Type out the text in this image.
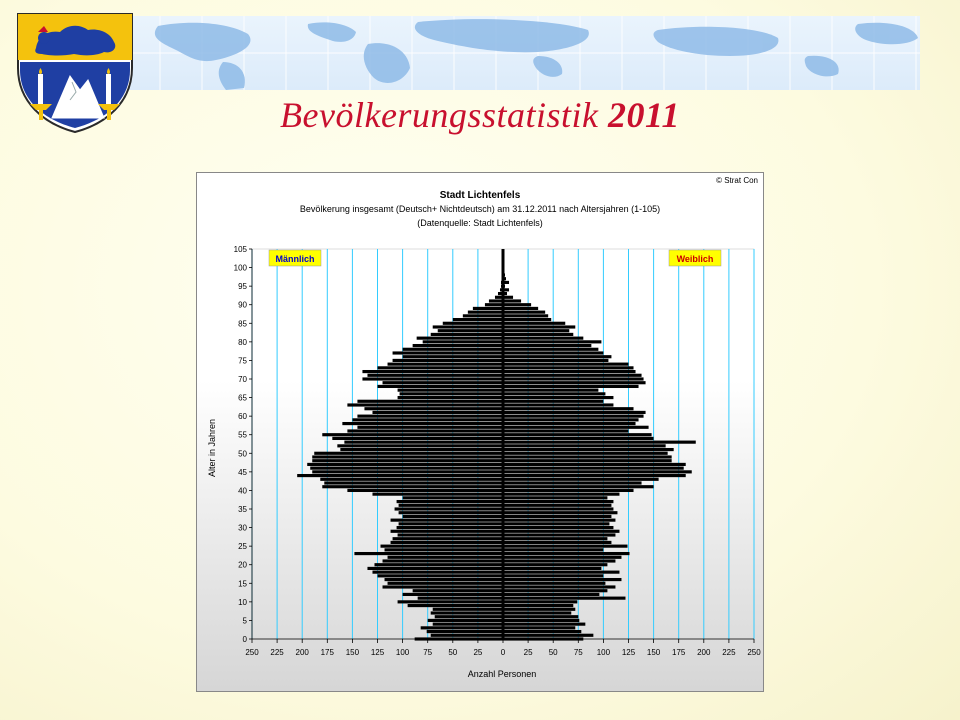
Bevölkerungsstatistik 2011
© Strat Con
Stadt Lichtenfels
Bevölkerung insgesamt (Deutsch+ Nichtdeutsch) am 31.12.2011 nach Altersjahren (1-105)
(Datenquelle: Stadt Lichtenfels)
250 225 200 175 150 125 100 75 50 25 0 25 50 75 100 125 150 175 200 225 250
0
5
10
15
20
25
30
35
40
45
50
55
60
65
70
75
80
85
90
95
100
105
Männlich	Weiblich
Alter in Jahren
Anzahl Personen
